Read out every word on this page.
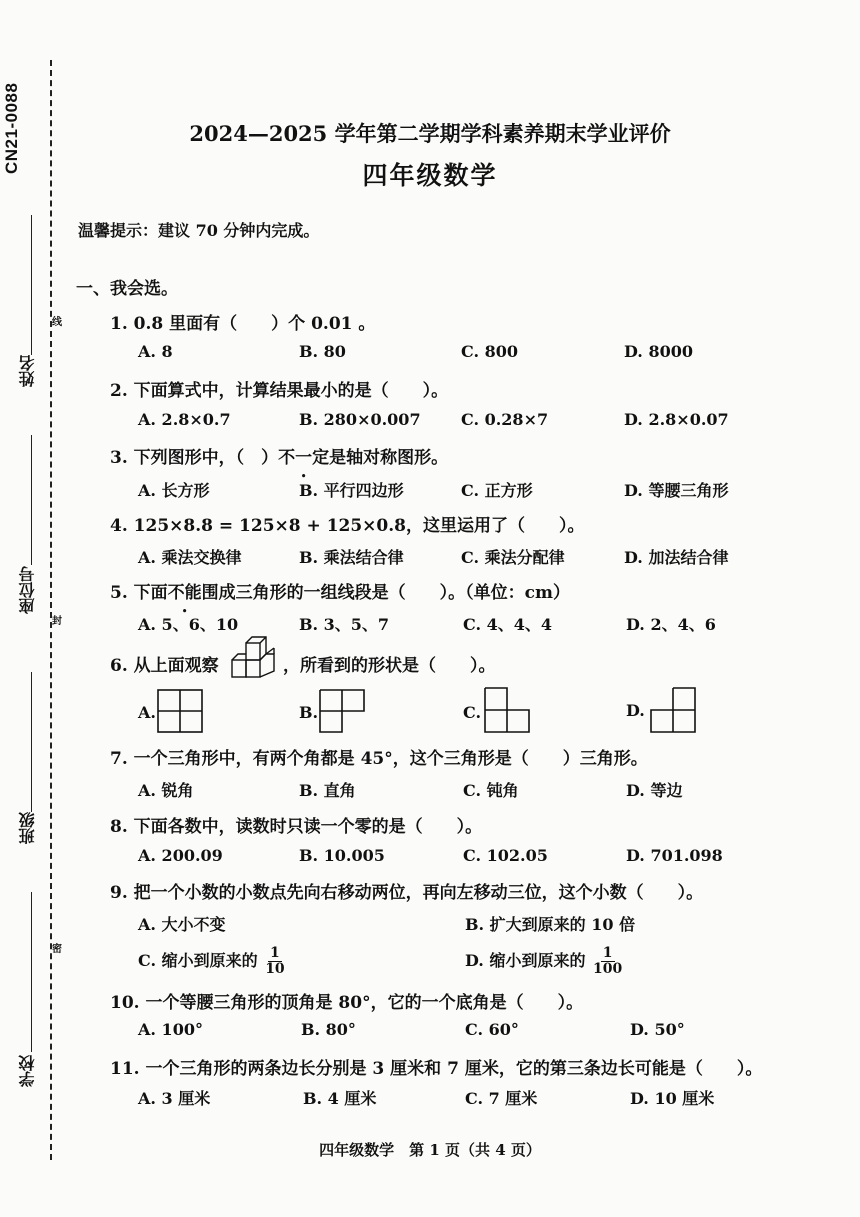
CN21-0088
线
封
密
姓名
座位号
班级
学校
2024—2025 学年第二学期学科素养期末学业评价
四年级数学
温馨提示：建议 70 分钟内完成。
一、我会选。
1. 0.8 里面有（　　）个 0.01 。
A. 8	B. 80	C. 800	D. 8000
2. 下面算式中，计算结果最小的是（　　）。
A. 2.8×0.7	B. 280×0.007	C. 0.28×7	D. 2.8×0.07
3. 下列图形中，（　）不一定是轴对称图形。
A. 长方形	B. 平行四边形	C. 正方形	D. 等腰三角形
4. 125×8.8 = 125×8 + 125×0.8，这里运用了（　　）。
A. 乘法交换律	B. 乘法结合律	C. 乘法分配律	D. 加法结合律
5. 下面不能围成三角形的一组线段是（　　）。（单位：cm）
A. 5、6、10	B. 3、5、7	C. 4、4、4	D. 2、4、6
6. 从上面观察	，所看到的形状是（　　）。
A.	B.	C.	D.
7. 一个三角形中，有两个角都是 45°，这个三角形是（　　）三角形。
A. 锐角	B. 直角	C. 钝角	D. 等边
8. 下面各数中，读数时只读一个零的是（　　）。
A. 200.09	B. 10.005	C. 102.05	D. 701.098
9. 把一个小数的小数点先向右移动两位，再向左移动三位，这个小数（　　）。
A. 大小不变	B. 扩大到原来的 10 倍
C. 缩小到原来的 $\frac{1}{10}$	D. 缩小到原来的 $\frac{1}{100}$
10. 一个等腰三角形的顶角是 80°，它的一个底角是（　　）。
A. 100°	B. 80°	C. 60°	D. 50°
11. 一个三角形的两条边长分别是 3 厘米和 7 厘米，它的第三条边长可能是（　　）。
A. 3 厘米	B. 4 厘米	C. 7 厘米	D. 10 厘米
四年级数学　第 1 页（共 4 页）
